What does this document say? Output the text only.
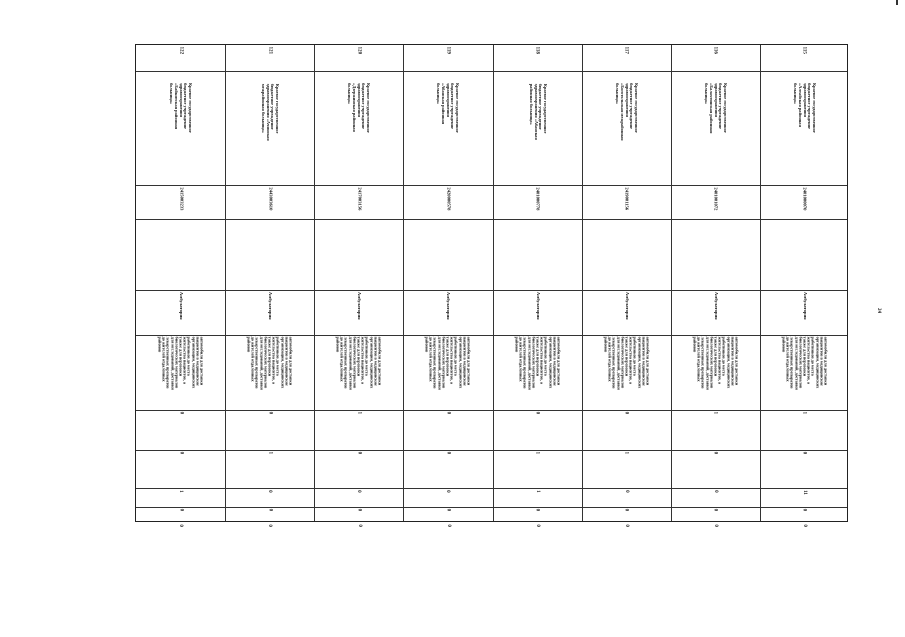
115
Краевое государственное
бюджетное учреждение
здравоохранения
«Алтайская районная
больница»
2401000070
Амбулатория
автомобили для доставки
пациентов в медицинские
организации, медицинских
работников до места
жительства пациентов, а
также для перевозки
биологических материалов
для исследований, доставки
лекарственных препаратов
до жителей отдаленных
районов
1
0
11
0
0
116
Краевое государственное
бюджетное учреждение
здравоохранения
«Балахтинская районная
больница»
2401001072
Амбулатория
автомобили для доставки
пациентов в медицинские
организации, медицинских
работников до места
жительства пациентов, а
также для перевозки
биологических материалов
для исследований, доставки
лекарственных препаратов
до жителей отдаленных
районов
1
0
0
0
0
117
Краевое государственное
бюджетное учреждение
здравоохранения
«Боготольская межрайонная
больница»
2419001156
Амбулатория
автомобили для доставки
пациентов в медицинские
организации, медицинских
работников до места
жительства пациентов, а
также для перевозки
биологических материалов
для исследований, доставки
лекарственных препаратов
до жителей отдаленных
районов
0
1
0
0
0
118
Краевое государственное
бюджетное учреждение
здравоохранения «Абанская
районная больница»
2401000778
Амбулатория
автомобили для доставки
пациентов в медицинские
организации, медицинских
работников до места
жительства пациентов, а
также для перевозки
биологических материалов
для исследований, доставки
лекарственных препаратов
до жителей отдаленных
районов
0
1
1
0
0
119
Краевое государственное
бюджетное учреждение
здравоохранения
«Абанская районная
больница»
2420000578
Амбулатория
автомобили для доставки
пациентов в медицинские
организации, медицинских
работников до места
жительства пациентов, а
также для перевозки
биологических материалов
для исследований, доставки
лекарственных препаратов
до жителей отдаленных
районов
0
0
0
0
0
120
Краевое государственное
бюджетное учреждение
здравоохранения
«Дзержинская районная
больница»
2417003156
Амбулатория
автомобили для доставки
пациентов в медицинские
организации, медицинских
работников до места
жительства пациентов, а
также для перевозки
биологических материалов
для исследований, доставки
лекарственных препаратов
до жителей отдаленных
районов
1
0
0
0
0
121
Краевое государственное
бюджетное учреждение
здравоохранения «Ачинская
межрайонная больница»
2443003610
Амбулатория
автомобили для доставки
пациентов в медицинские
организации, медицинских
работников до места
жительства пациентов, а
также для перевозки
биологических материалов
для исследований, доставки
лекарственных препаратов
до жителей отдаленных
районов
0
1
0
0
0
122
Краевое государственное
бюджетное учреждение
здравоохранения
«Байкитская районная
больница»
2415003233
Амбулатория
автомобили для доставки
пациентов в медицинские
организации, медицинских
работников до места
жительства пациентов, а
также для перевозки
биологических материалов
для исследований, доставки
лекарственных препаратов
до жителей отдаленных
районов
0
0
1
0
0
24
